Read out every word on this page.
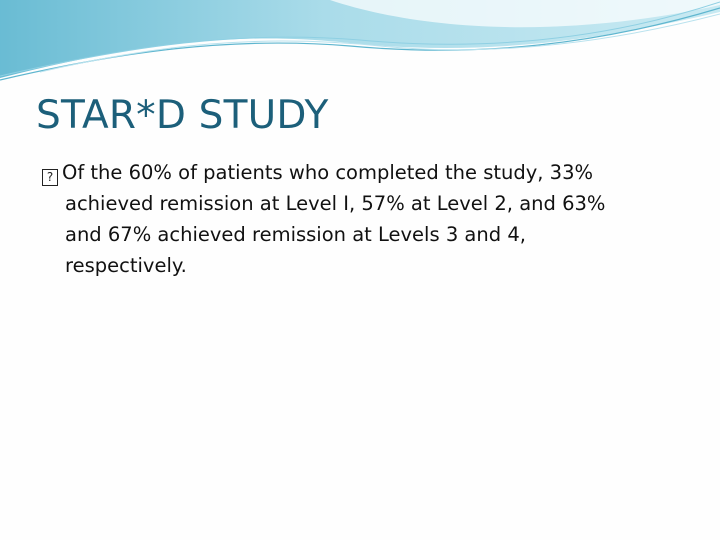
STAR*D STUDY
? Of the 60% of patients who completed the study, 33%
achieved remission at Level I, 57% at Level 2, and 63%
and 67% achieved remission at Levels 3 and 4,
respectively.
